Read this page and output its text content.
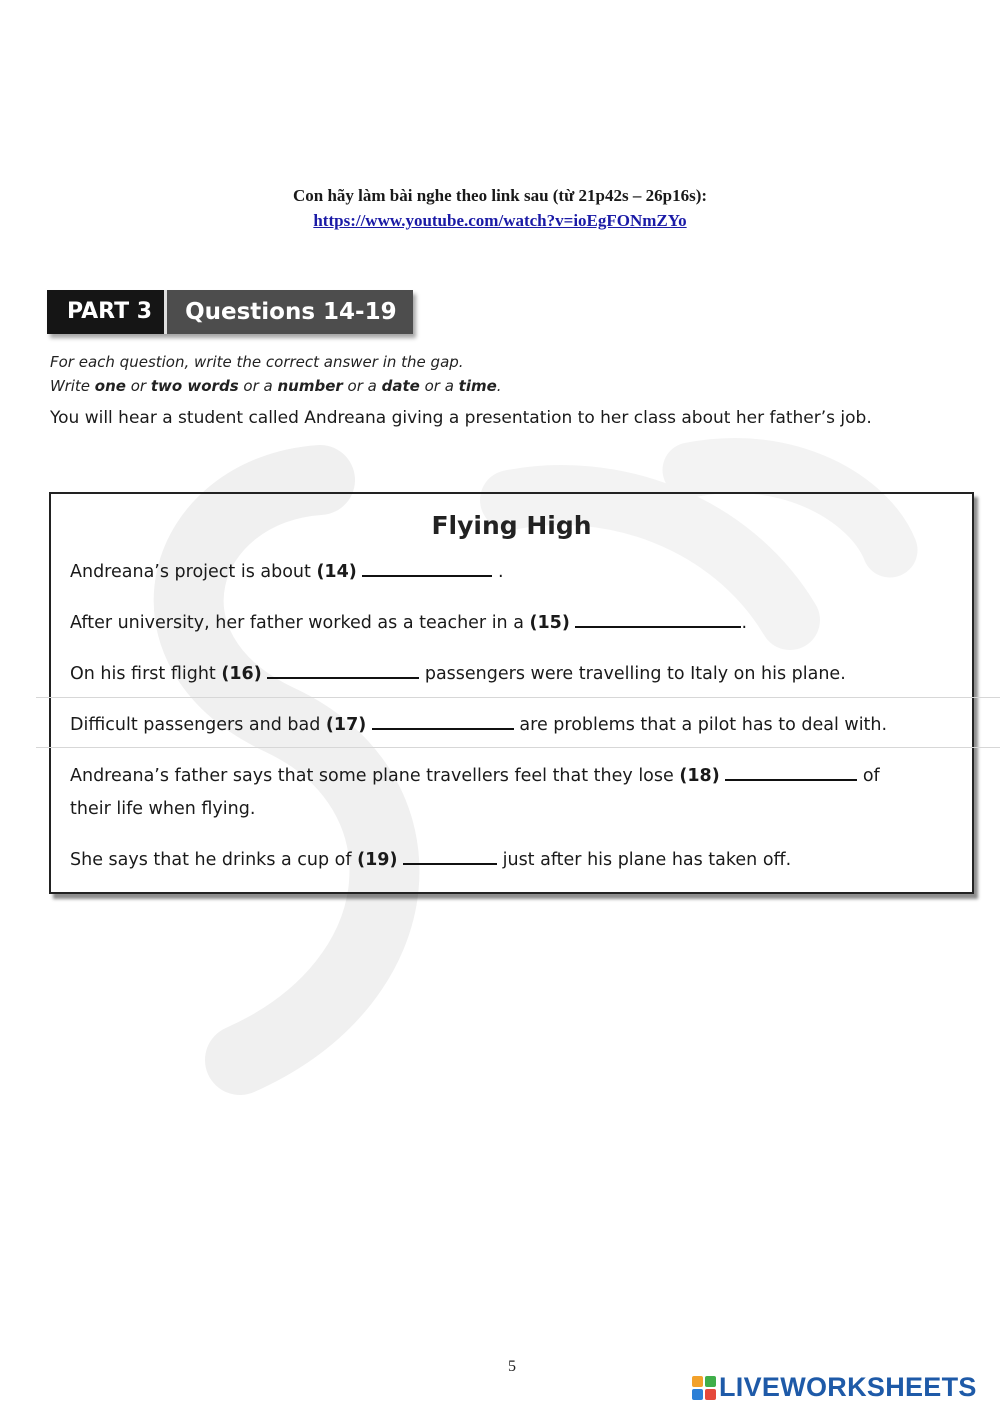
Con hãy làm bài nghe theo link sau (từ 21p42s – 26p16s):
https://www.youtube.com/watch?v=ioEgFONmZYo
PART 3	Questions 14-19
For each question, write the correct answer in the gap.
Write one or two words or a number or a date or a time.
You will hear a student called Andreana giving a presentation to her class about her father’s job.
Flying High
Andreana’s project is about (14)	.
After university, her father worked as a teacher in a (15)	.
On his first flight (16)	passengers were travelling to Italy on his plane.
Difficult passengers and bad (17)	are problems that a pilot has to deal with.
Andreana’s father says that some plane travellers feel that they lose (18)	of
their life when flying.
She says that he drinks a cup of (19)	just after his plane has taken off.
5
LIVEWORKSHEETS
